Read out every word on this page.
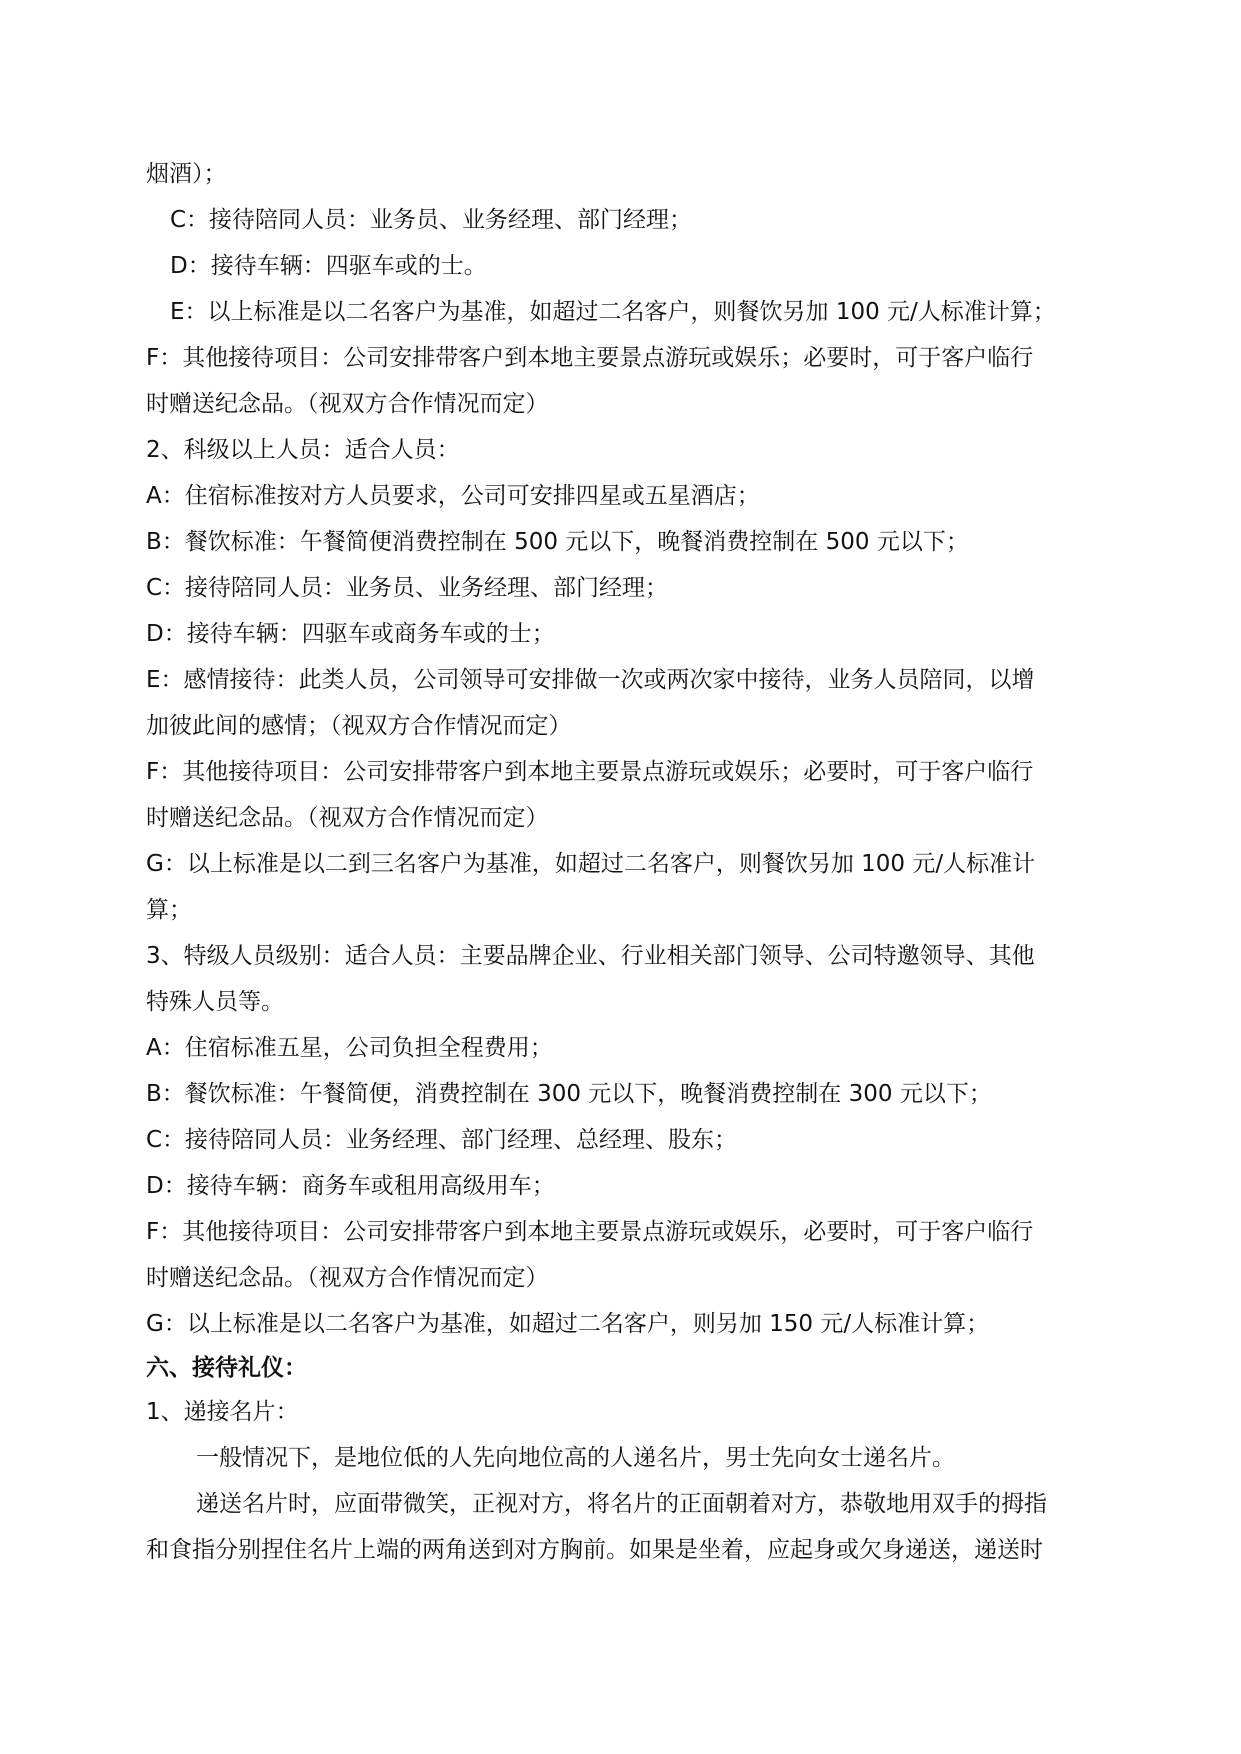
烟酒）；
C：接待陪同人员：业务员、业务经理、部门经理；
D：接待车辆：四驱车或的士。
E：以上标准是以二名客户为基准，如超过二名客户，则餐饮另加 100 元/人标准计算；
F：其他接待项目：公司安排带客户到本地主要景点游玩或娱乐；必要时，可于客户临行
时赠送纪念品。（视双方合作情况而定）
2、科级以上人员：适合人员：
A：住宿标准按对方人员要求，公司可安排四星或五星酒店；
B：餐饮标准：午餐简便消费控制在 500 元以下，晚餐消费控制在 500 元以下；
C：接待陪同人员：业务员、业务经理、部门经理；
D：接待车辆：四驱车或商务车或的士；
E：感情接待：此类人员，公司领导可安排做一次或两次家中接待，业务人员陪同，以增
加彼此间的感情；（视双方合作情况而定）
F：其他接待项目：公司安排带客户到本地主要景点游玩或娱乐；必要时，可于客户临行
时赠送纪念品。（视双方合作情况而定）
G：以上标准是以二到三名客户为基准，如超过二名客户，则餐饮另加 100 元/人标准计
算；
3、特级人员级别：适合人员：主要品牌企业、行业相关部门领导、公司特邀领导、其他
特殊人员等。
A：住宿标准五星，公司负担全程费用；
B：餐饮标准：午餐简便，消费控制在 300 元以下，晚餐消费控制在 300 元以下；
C：接待陪同人员：业务经理、部门经理、总经理、股东；
D：接待车辆：商务车或租用高级用车；
F：其他接待项目：公司安排带客户到本地主要景点游玩或娱乐，必要时，可于客户临行
时赠送纪念品。（视双方合作情况而定）
G：以上标准是以二名客户为基准，如超过二名客户，则另加 150 元/人标准计算；
六、接待礼仪：
1、递接名片：
一般情况下，是地位低的人先向地位高的人递名片，男士先向女士递名片。
递送名片时，应面带微笑，正视对方，将名片的正面朝着对方，恭敬地用双手的拇指
和食指分别捏住名片上端的两角送到对方胸前。如果是坐着，应起身或欠身递送，递送时
